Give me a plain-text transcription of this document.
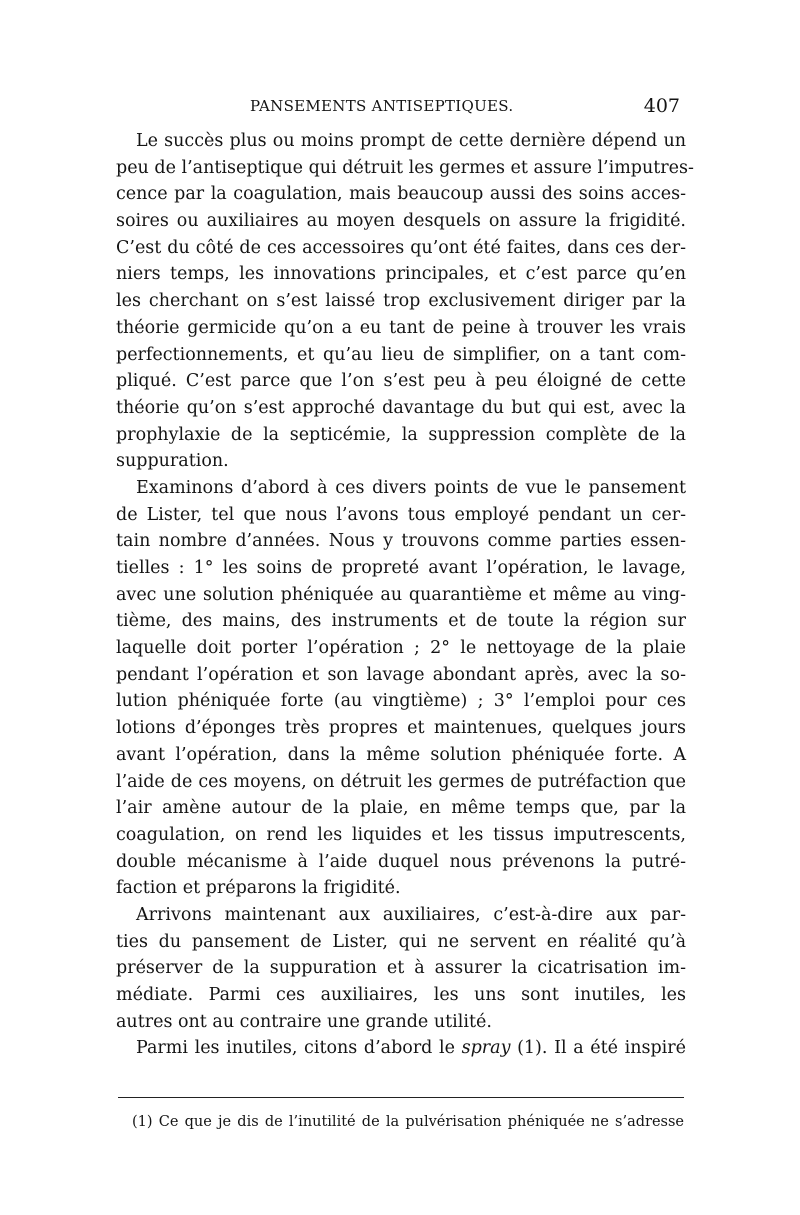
PANSEMENTS ANTISEPTIQUES.	407
Le succès plus ou moins prompt de cette dernière dépend un
peu de l’antiseptique qui détruit les germes et assure l’imputres-
cence par la coagulation, mais beaucoup aussi des soins acces-
soires ou auxiliaires au moyen desquels on assure la frigidité.
C’est du côté de ces accessoires qu’ont été faites, dans ces der-
niers temps, les innovations principales, et c’est parce qu’en
les cherchant on s’est laissé trop exclusivement diriger par la
théorie germicide qu’on a eu tant de peine à trouver les vrais
perfectionnements, et qu’au lieu de simplifier, on a tant com-
pliqué. C’est parce que l’on s’est peu à peu éloigné de cette
théorie qu’on s’est approché davantage du but qui est, avec la
prophylaxie de la septicémie, la suppression complète de la
suppuration.
Examinons d’abord à ces divers points de vue le pansement
de Lister, tel que nous l’avons tous employé pendant un cer-
tain nombre d’années. Nous y trouvons comme parties essen-
tielles : 1° les soins de propreté avant l’opération, le lavage,
avec une solution phéniquée au quarantième et même au ving-
tième, des mains, des instruments et de toute la région sur
laquelle doit porter l’opération ; 2° le nettoyage de la plaie
pendant l’opération et son lavage abondant après, avec la so-
lution phéniquée forte (au vingtième) ; 3° l’emploi pour ces
lotions d’éponges très propres et maintenues, quelques jours
avant l’opération, dans la même solution phéniquée forte. A
l’aide de ces moyens, on détruit les germes de putréfaction que
l’air amène autour de la plaie, en même temps que, par la
coagulation, on rend les liquides et les tissus imputrescents,
double mécanisme à l’aide duquel nous prévenons la putré-
faction et préparons la frigidité.
Arrivons maintenant aux auxiliaires, c’est-à-dire aux par-
ties du pansement de Lister, qui ne servent en réalité qu’à
préserver de la suppuration et à assurer la cicatrisation im-
médiate. Parmi ces auxiliaires, les uns sont inutiles, les
autres ont au contraire une grande utilité.
Parmi les inutiles, citons d’abord le spray (1). Il a été inspiré
(1) Ce que je dis de l’inutilité de la pulvérisation phéniquée ne s’adresse
